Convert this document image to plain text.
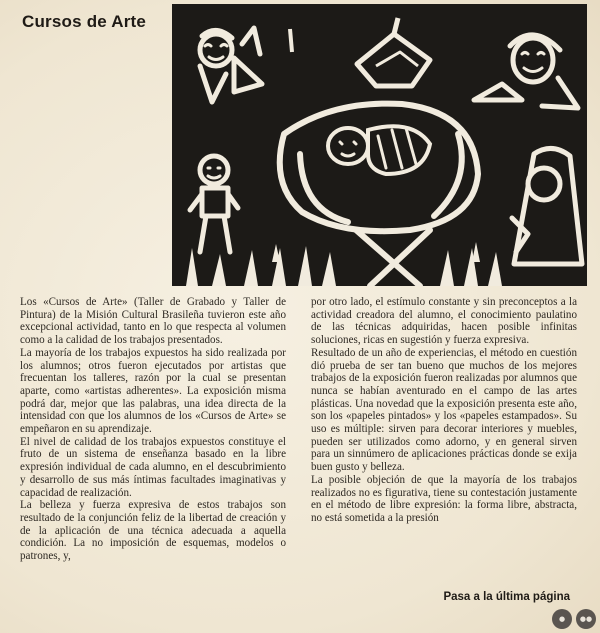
Cursos de Arte

Los «Cursos de Arte» (Taller de Grabado y Taller de Pintura) de la Misión Cultural Brasileña tuvieron este año excepcional actividad, tanto en lo que respecta al volumen como a la calidad de los trabajos presentados.

La mayoría de los trabajos expuestos ha sido realizada por los alumnos; otros fueron ejecutados por artistas que frecuentan los talleres, razón por la cual se presentan aparte, como «artistas adherentes». La exposición misma podrá dar, mejor que las palabras, una idea directa de la intensidad con que los alumnos de los «Cursos de Arte» se empeñaron en su aprendizaje.

El nivel de calidad de los trabajos expuestos constituye el fruto de un sistema de enseñanza basado en la libre expresión individual de cada alumno, en el descubrimiento y desarrollo de sus más íntimas facultades imaginativas y capacidad de realización.

La belleza y fuerza expresiva de estos trabajos son resultado de la conjunción feliz de la libertad de creación y de la aplicación de una técnica adecuada a aquella condición. La no imposición de esquemas, modelos o patrones, y,

por otro lado, el estímulo constante y sin preconceptos a la actividad creadora del alumno, el conocimiento paulatino de las técnicas adquiridas, hacen posible infinitas soluciones, ricas en sugestión y fuerza expresiva.

Resultado de un año de experiencias, el método en cuestión dió prueba de ser tan bueno que muchos de los mejores trabajos de la exposición fueron realizadas por alumnos que nunca se habían aventurado en el campo de las artes plásticas. Una novedad que la exposición presenta este año, son los «papeles pintados» y los «papeles estampados». Su uso es múltiple: sirven para decorar interiores y muebles, pueden ser utilizados como adorno, y en general sirven para un sinnúmero de aplicaciones prácticas donde se exija buen gusto y belleza.

La posible objeción de que la mayoría de los trabajos realizados no es figurativa, tiene su contestación justamente en el método de libre expresión: la forma libre, abstracta, no está sometida a la presión

Pasa a la última página
●	●●
